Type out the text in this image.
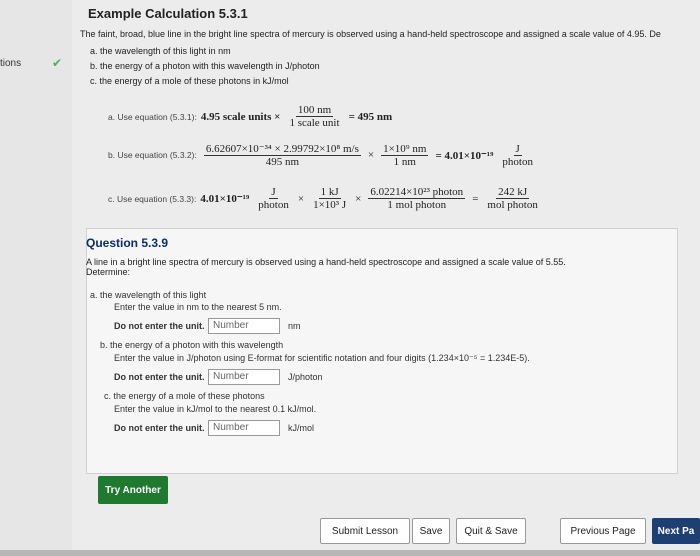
tions	✔
Example Calculation 5.3.1
The faint, broad, blue line in the bright line spectra of mercury is observed using a hand-held spectroscope and assigned a scale value of 4.95. De
a. the wavelength of this light in nm
b. the energy of a photon with this wavelength in J/photon
c. the energy of a mole of these photons in kJ/mol
a. Use equation (5.3.1): 4.95 scale units × $\frac{100 nm}{\text{1 scale unit}} = 495$ nm
b. Use equation (5.3.2): $\frac{\text{6.62607×10⁻³⁴ × 2.99792×10⁸ m/s}}{495 nm} \times \frac{\text{1×10⁹ nm}}{1 nm} = 4.01\times 10^{-19} \frac{J}{\text{photon}}$
c. Use equation (5.3.3): $4.01\times 10^{-19} \frac{J}{\text{photon}} \times \frac{1 kJ}{\text{1×10³ J}} \times \frac{\text{6.02214×10²³ photon}}{\text{1 mol photon}} = \frac{242 kJ}{\text{mol photon}}$
Question 5.3.9
A line in a bright line spectra of mercury is observed using a hand-held spectroscope and assigned a scale value of 5.55.
Determine:
a. the wavelength of this light
Enter the value in nm to the nearest 5 nm.
Do not enter the unit. Number	nm
b. the energy of a photon with this wavelength
Enter the value in J/photon using E-format for scientific notation and four digits (1.234×10⁻⁵ = 1.234E-5).
Do not enter the unit. Number	J/photon
c. the energy of a mole of these photons
Enter the value in kJ/mol to the nearest 0.1 kJ/mol.
Do not enter the unit. Number	kJ/mol
Try Another
Submit Lesson	Save	Quit & Save	Previous Page	Next Pa
